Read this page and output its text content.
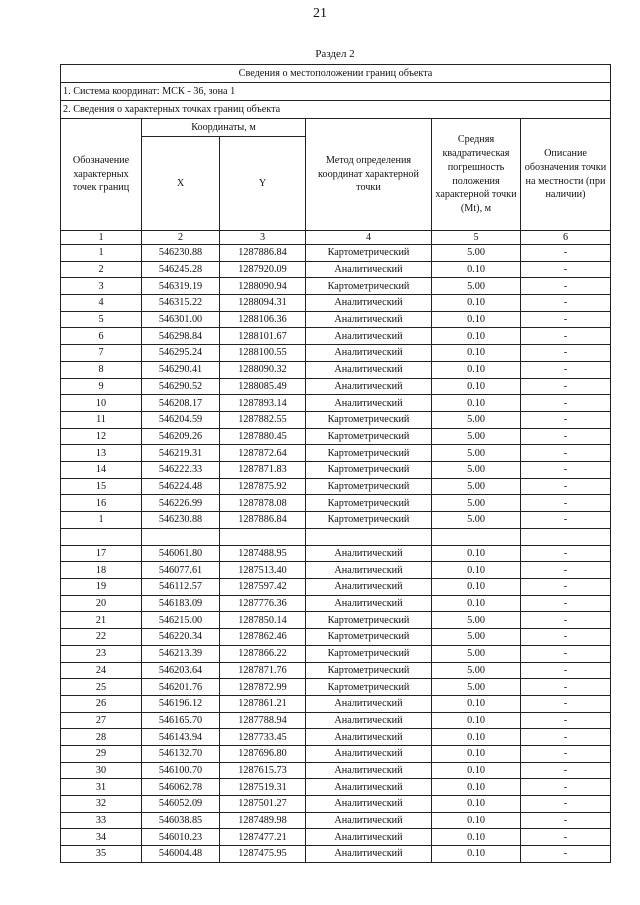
21
Раздел 2
Сведения о местоположении границ объекта					
1. Система координат: МСК - 36, зона 1					
2. Сведения о характерных точках границ объекта					
Обозначение характерных точек границ	Координаты, м		Метод определения координат характерной точки	Средняя квадратическая погрешность положения характерной точки (Mt), м	Описание обозначения точки на местности (при наличии)
	X	Y			
1	2	3	4	5	6
1	546230.88	1287886.84	Картометрический	5.00	-
2	546245.28	1287920.09	Аналитический	0.10	-
3	546319.19	1288090.94	Картометрический	5.00	-
4	546315.22	1288094.31	Аналитический	0.10	-
5	546301.00	1288106.36	Аналитический	0.10	-
6	546298.84	1288101.67	Аналитический	0.10	-
7	546295.24	1288100.55	Аналитический	0.10	-
8	546290.41	1288090.32	Аналитический	0.10	-
9	546290.52	1288085.49	Аналитический	0.10	-
10	546208.17	1287893.14	Аналитический	0.10	-
11	546204.59	1287882.55	Картометрический	5.00	-
12	546209.26	1287880.45	Картометрический	5.00	-
13	546219.31	1287872.64	Картометрический	5.00	-
14	546222.33	1287871.83	Картометрический	5.00	-
15	546224.48	1287875.92	Картометрический	5.00	-
16	546226.99	1287878.08	Картометрический	5.00	-
1	546230.88	1287886.84	Картометрический	5.00	-

17	546061.80	1287488.95	Аналитический	0.10	-
18	546077.61	1287513.40	Аналитический	0.10	-
19	546112.57	1287597.42	Аналитический	0.10	-
20	546183.09	1287776.36	Аналитический	0.10	-
21	546215.00	1287850.14	Картометрический	5.00	-
22	546220.34	1287862.46	Картометрический	5.00	-
23	546213.39	1287866.22	Картометрический	5.00	-
24	546203.64	1287871.76	Картометрический	5.00	-
25	546201.76	1287872.99	Картометрический	5.00	-
26	546196.12	1287861.21	Аналитический	0.10	-
27	546165.70	1287788.94	Аналитический	0.10	-
28	546143.94	1287733.45	Аналитический	0.10	-
29	546132.70	1287696.80	Аналитический	0.10	-
30	546100.70	1287615.73	Аналитический	0.10	-
31	546062.78	1287519.31	Аналитический	0.10	-
32	546052.09	1287501.27	Аналитический	0.10	-
33	546038.85	1287489.98	Аналитический	0.10	-
34	546010.23	1287477.21	Аналитический	0.10	-
35	546004.48	1287475.95	Аналитический	0.10	-
